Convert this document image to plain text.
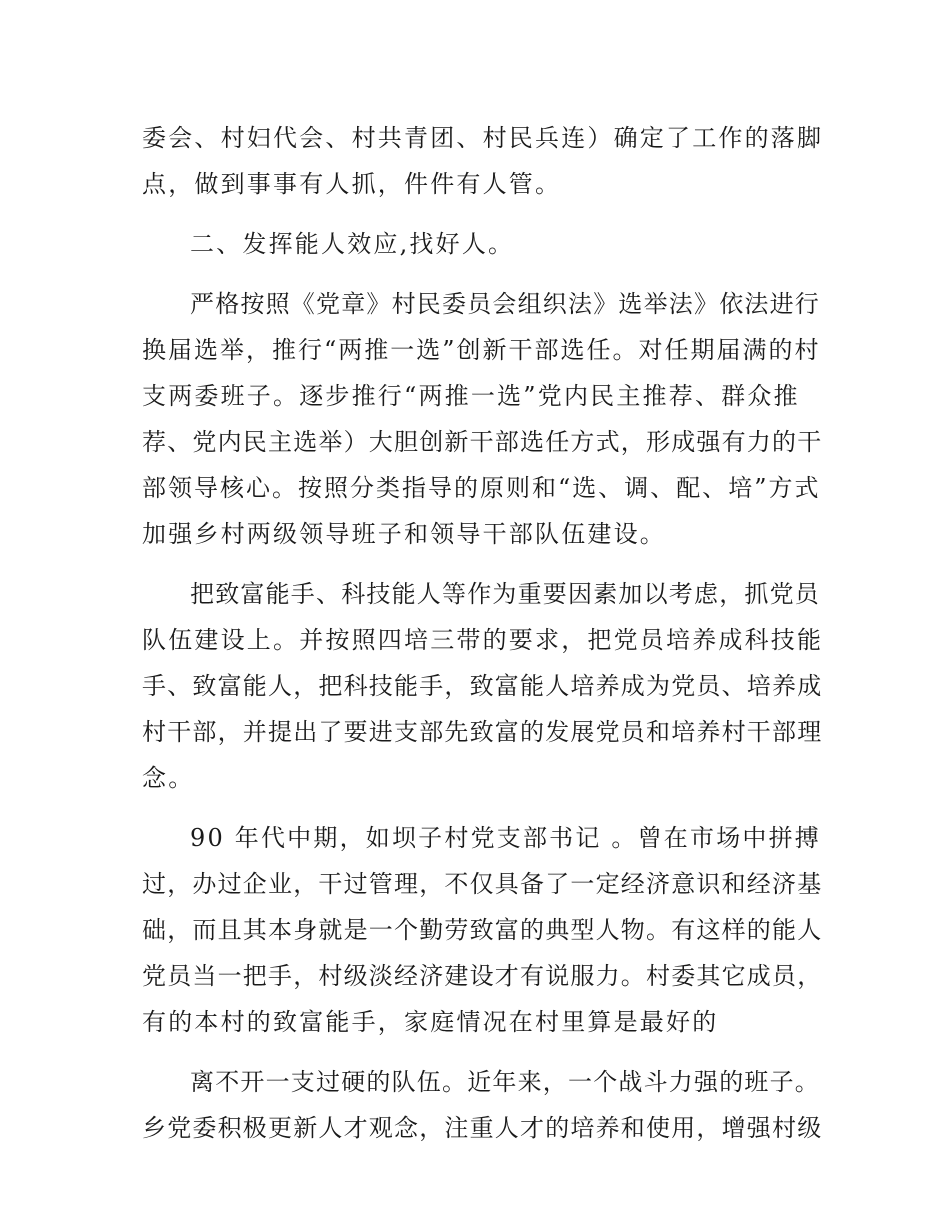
委会、村妇代会、村共青团、村民兵连）确定了工作的落脚
点，做到事事有人抓，件件有人管。
二、发挥能人效应,找好人。
严格按照《党章》村民委员会组织法》选举法》依法进行
换届选举，推行“两推一选”创新干部选任。对任期届满的村
支两委班子。逐步推行“两推一选”党内民主推荐、群众推
荐、党内民主选举）大胆创新干部选任方式，形成强有力的干
部领导核心。按照分类指导的原则和“选、调、配、培”方式
加强乡村两级领导班子和领导干部队伍建设。
把致富能手、科技能人等作为重要因素加以考虑，抓党员
队伍建设上。并按照四培三带的要求，把党员培养成科技能
手、致富能人，把科技能手，致富能人培养成为党员、培养成
村干部，并提出了要进支部先致富的发展党员和培养村干部理
念。
90 年代中期，如坝子村党支部书记 。曾在市场中拼搏
过，办过企业，干过管理，不仅具备了一定经济意识和经济基
础，而且其本身就是一个勤劳致富的典型人物。有这样的能人
党员当一把手，村级淡经济建设才有说服力。村委其它成员，
有的本村的致富能手，家庭情况在村里算是最好的
离不开一支过硬的队伍。近年来，一个战斗力强的班子。
乡党委积极更新人才观念，注重人才的培养和使用，增强村级
